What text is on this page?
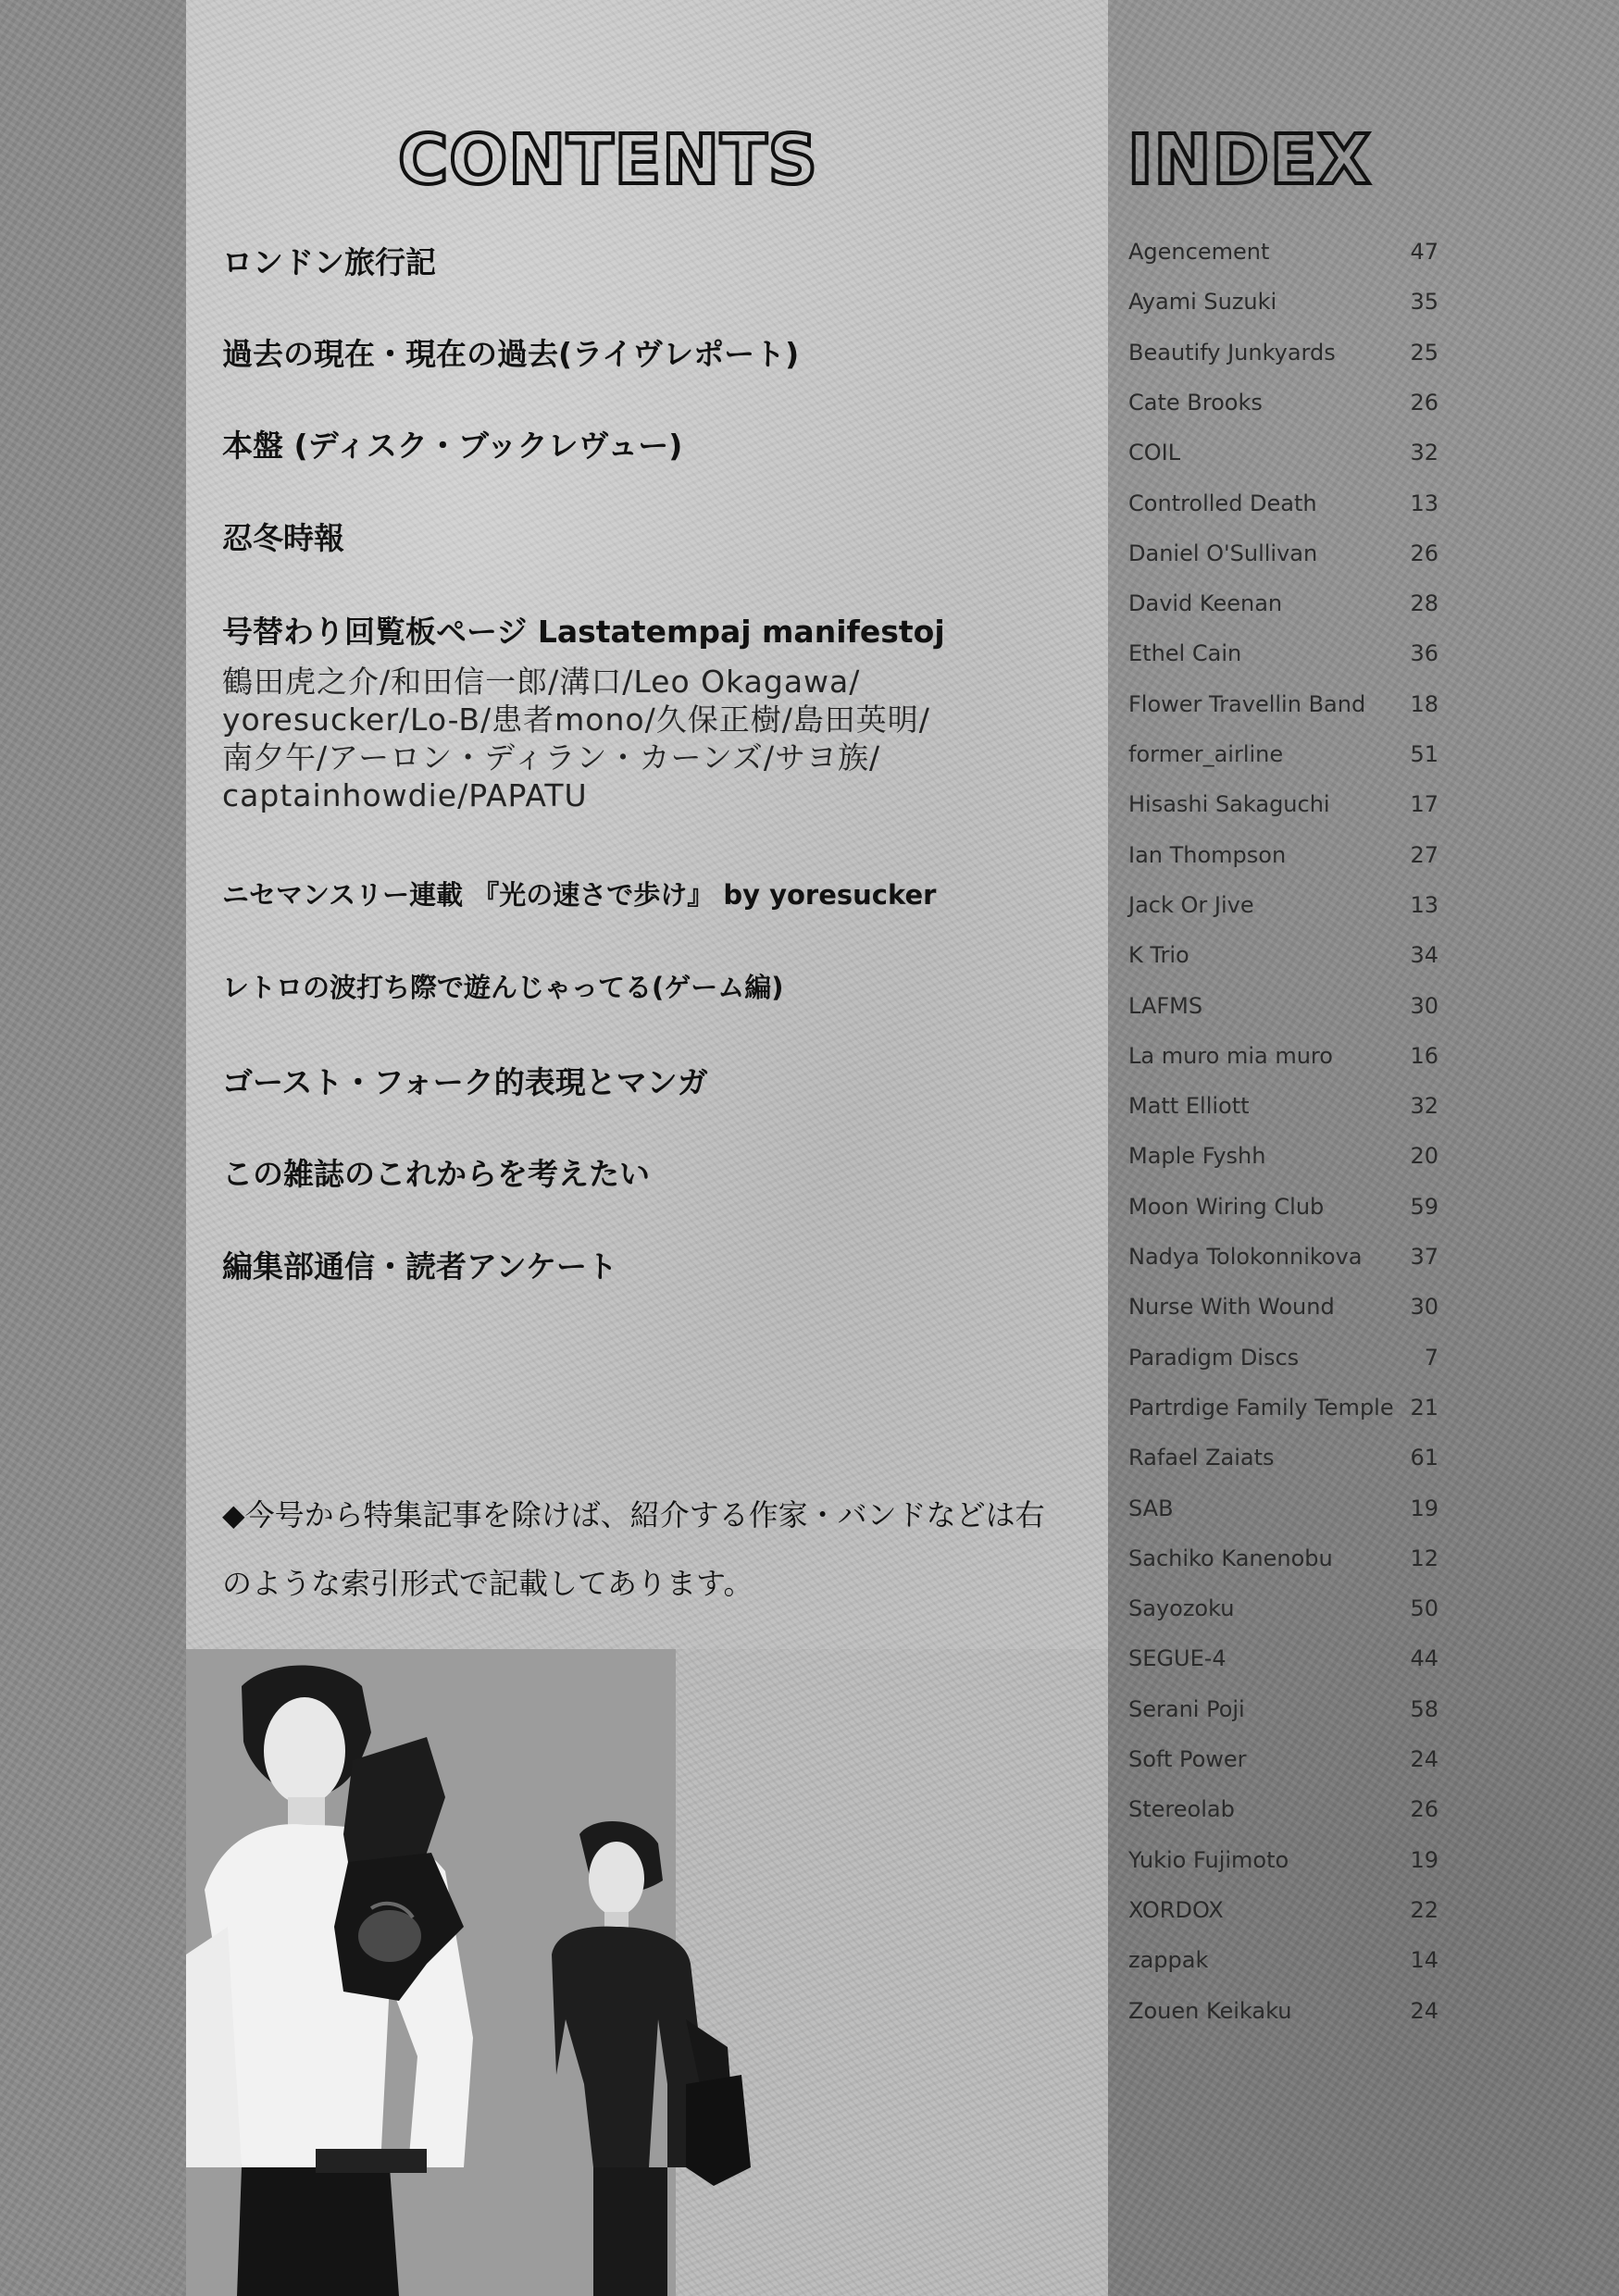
CONTENTS	INDEX
ロンドン旅行記
過去の現在・現在の過去(ライヴレポート)
本盤 (ディスク・ブックレヴュー)
忍冬時報
号替わり回覧板ページ Lastatempaj manifestoj
鶴田虎之介/和田信一郎/溝口/Leo Okagawa/
yoresucker/Lo-B/患者mono/久保正樹/島田英明/
南夕午/アーロン・ディラン・カーンズ/サヨ族/
captainhowdie/PAPATU
ニセマンスリー連載 『光の速さで歩け』 by yoresucker
レトロの波打ち際で遊んじゃってる(ゲーム編)
ゴースト・フォーク的表現とマンガ
この雑誌のこれからを考えたい
編集部通信・読者アンケート
◆今号から特集記事を除けば、紹介する作家・バンドなどは右
のような索引形式で記載してあります。
Agencement	47
Ayami Suzuki	35
Beautify Junkyards	25
Cate Brooks	26
COIL	32
Controlled Death	13
Daniel O'Sullivan	26
David Keenan	28
Ethel Cain	36
Flower Travellin Band 18
former_airline	51
Hisashi Sakaguchi	17
Ian Thompson	27
Jack Or Jive	13
K Trio	34
LAFMS	30
La muro mia muro	16
Matt Elliott	32
Maple Fyshh	20
Moon Wiring Club	59
Nadya Tolokonnikova 37
Nurse With Wound	30
Paradigm Discs	7
Partrdige Family Temple 21
Rafael Zaiats	61
SAB	19
Sachiko Kanenobu	12
Sayozoku	50
SEGUE-4	44
Serani Poji	58
Soft Power	24
Stereolab	26
Yukio Fujimoto	19
XORDOX	22
zappak	14
Zouen Keikaku	24
